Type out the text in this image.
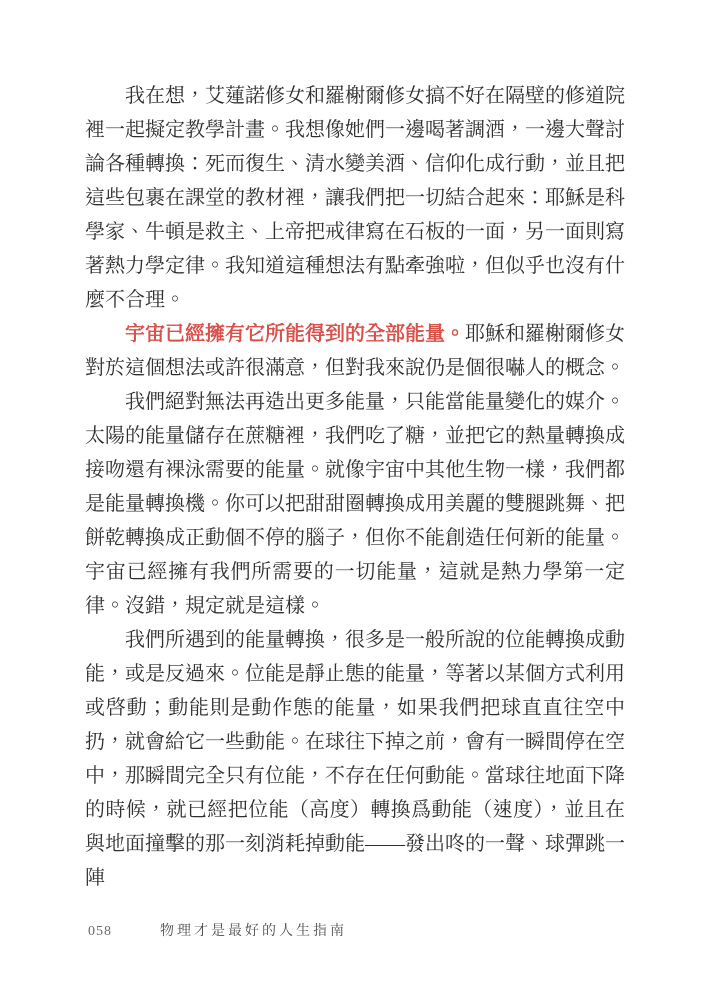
我在想，艾蓮諾修女和羅榭爾修女搞不好在隔壁的修道院裡一起擬定教學計畫。我想像她們一邊喝著調酒，一邊大聲討論各種轉換：死而復生、清水變美酒、信仰化成行動，並且把這些包裹在課堂的教材裡，讓我們把一切結合起來：耶穌是科學家、牛頓是救主、上帝把戒律寫在石板的一面，另一面則寫著熱力學定律。我知道這種想法有點牽強啦，但似乎也沒有什麼不合理。

宇宙已經擁有它所能得到的全部能量。耶穌和羅榭爾修女對於這個想法或許很滿意，但對我來說仍是個很嚇人的概念。

我們絕對無法再造出更多能量，只能當能量變化的媒介。太陽的能量儲存在蔗糖裡，我們吃了糖，並把它的熱量轉換成接吻還有裸泳需要的能量。就像宇宙中其他生物一樣，我們都是能量轉換機。你可以把甜甜圈轉換成用美麗的雙腿跳舞、把餅乾轉換成正動個不停的腦子，但你不能創造任何新的能量。宇宙已經擁有我們所需要的一切能量，這就是熱力學第一定律。沒錯，規定就是這樣。

我們所遇到的能量轉換，很多是一般所說的位能轉換成動能，或是反過來。位能是靜止態的能量，等著以某個方式利用或啓動；動能則是動作態的能量，如果我們把球直直往空中扔，就會給它一些動能。在球往下掉之前，會有一瞬間停在空中，那瞬間完全只有位能，不存在任何動能。當球往地面下降的時候，就已經把位能（高度）轉換爲動能（速度），並且在與地面撞擊的那一刻消耗掉動能——發出咚的一聲、球彈跳一陣

058	物理才是最好的人生指南
